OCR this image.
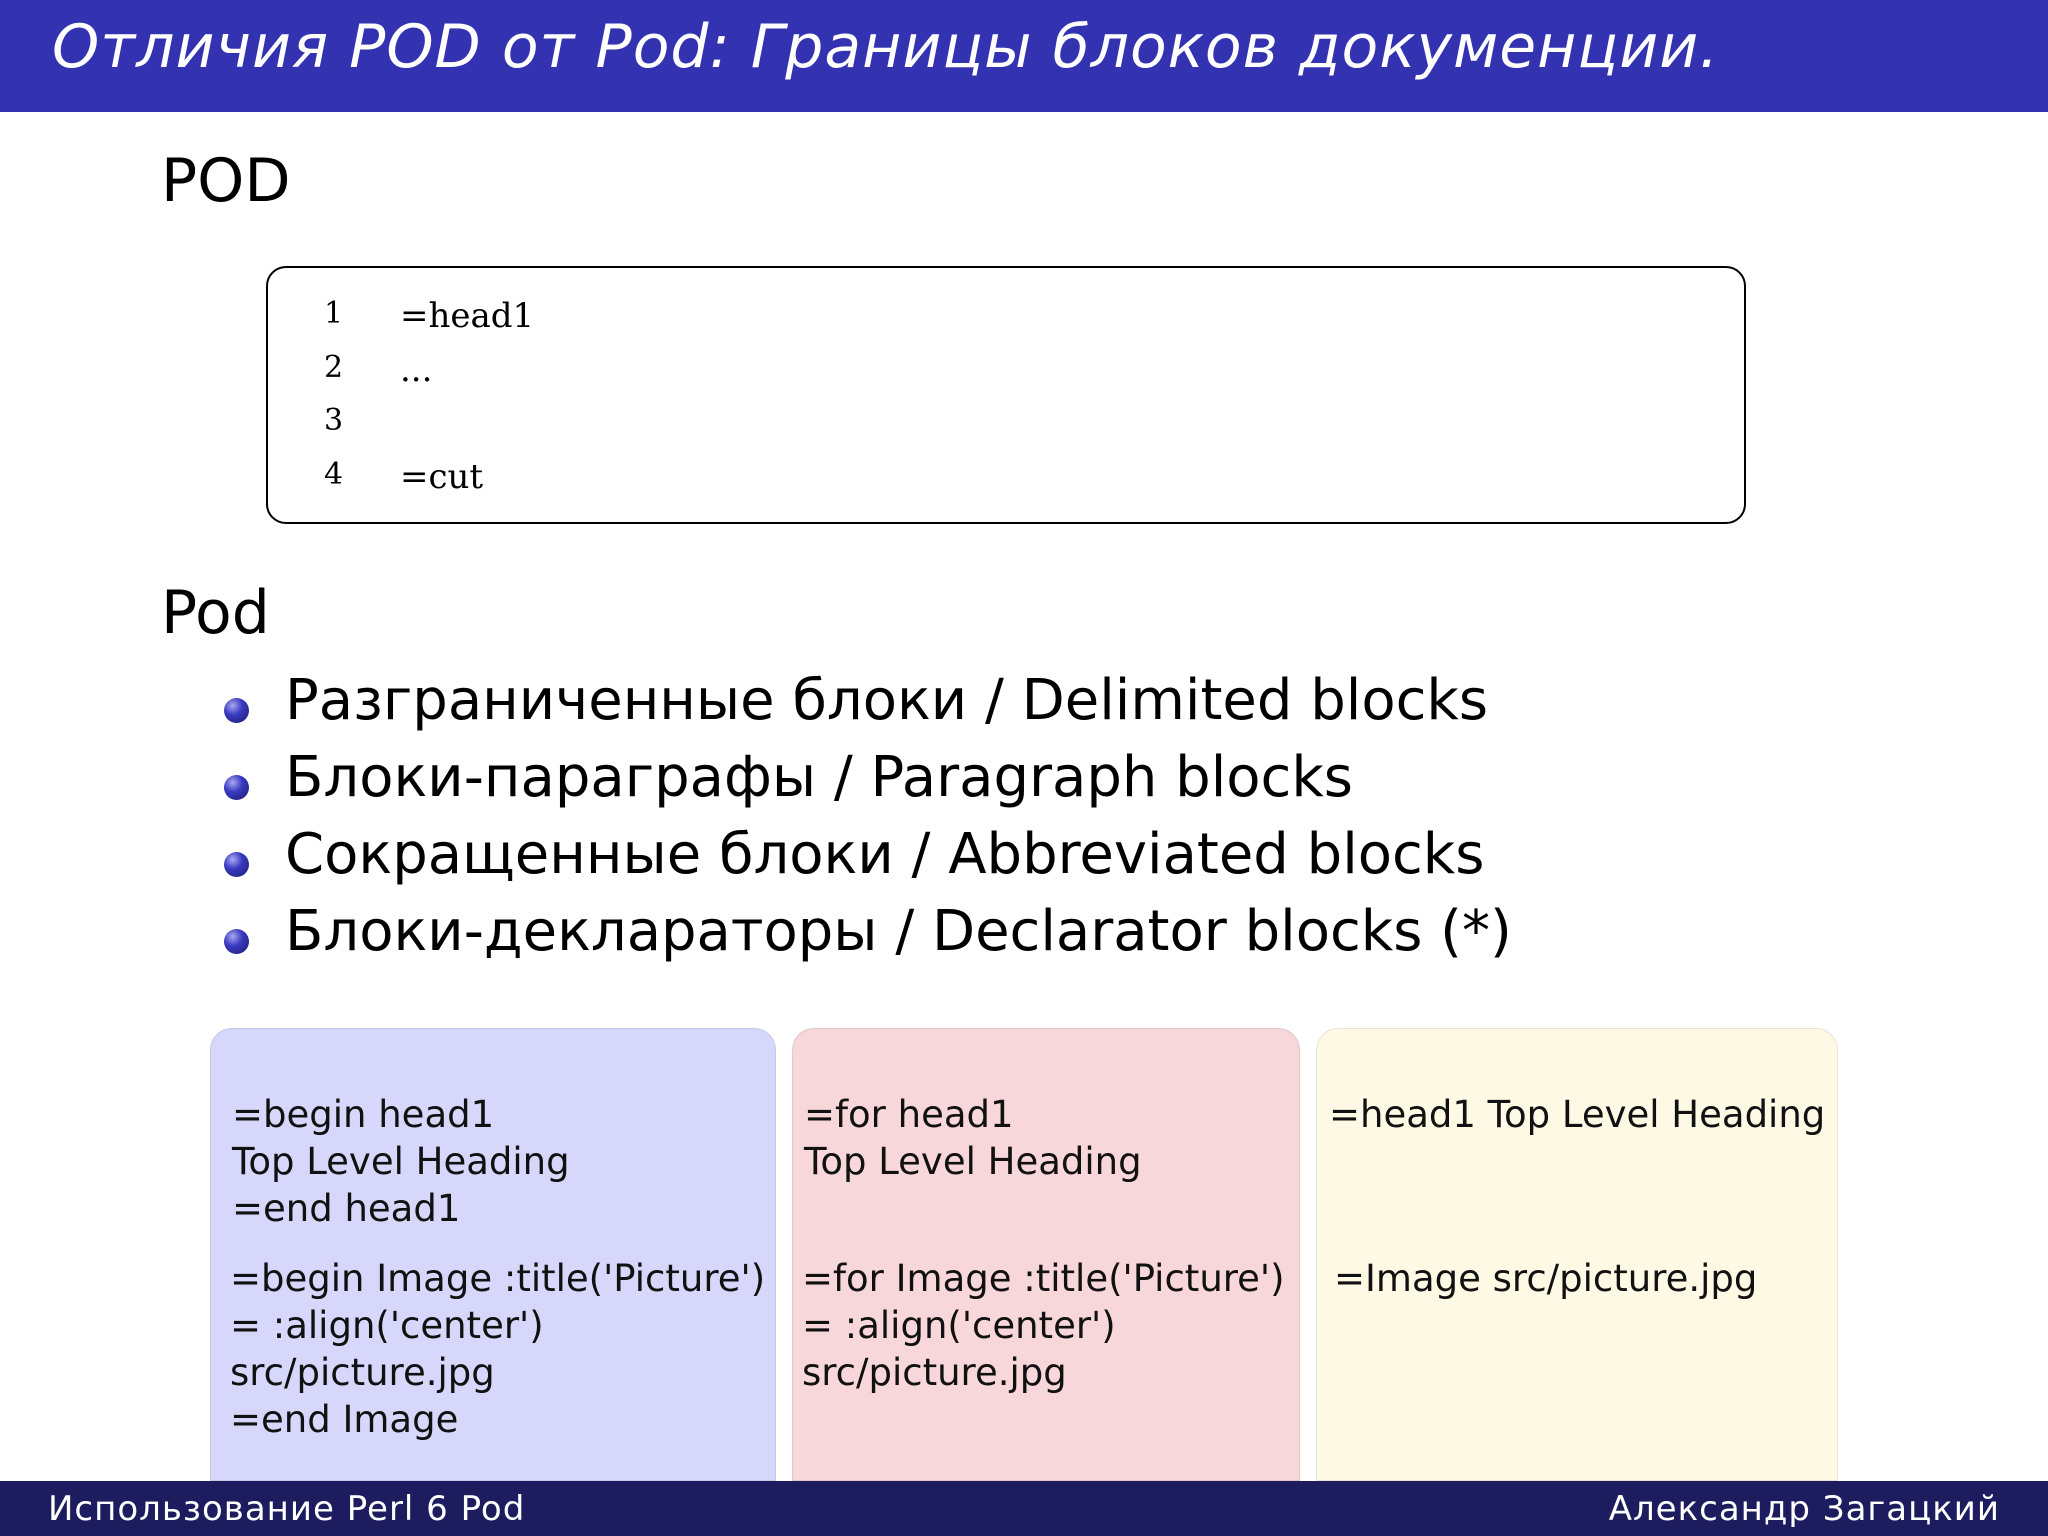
Отличия POD от Pod: Границы блоков докуменции.
POD
1 =head1
2 ...
3
4 =cut
Pod
Разграниченные блоки / Delimited blocks
Блоки-параграфы / Paragraph blocks
Сокращенные блоки / Abbreviated blocks
Блоки-деклараторы / Declarator blocks (*)
=begin head1
Top Level Heading
=end head1
=begin Image :title('Picture')
= :align('center')
src/picture.jpg
=end Image
=for head1
Top Level Heading
=for Image :title('Picture')
= :align('center')
src/picture.jpg
=head1 Top Level Heading
=Image src/picture.jpg
Использование Perl 6 Pod	Александр Загацкий
